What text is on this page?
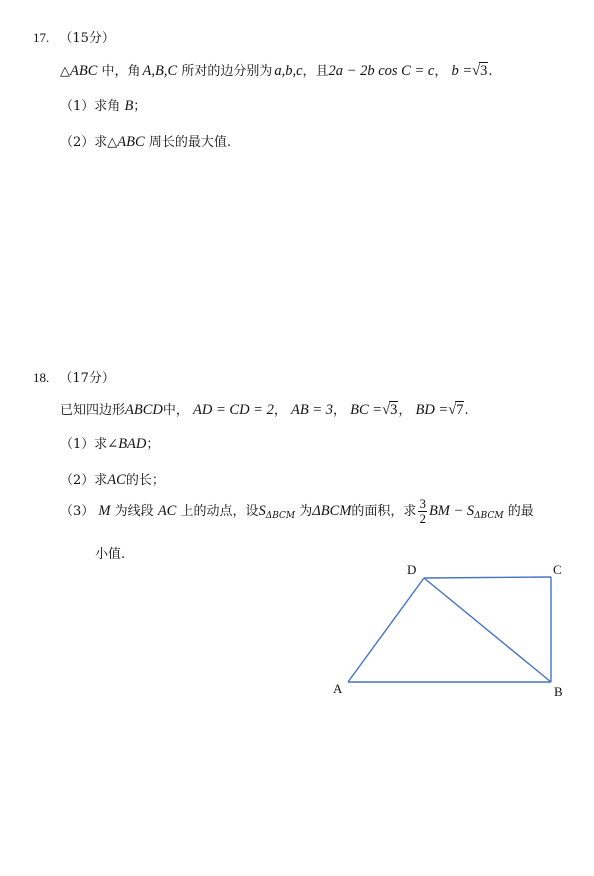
17. （15分）
△ABC 中，角 A,B,C 所对的边分别为 a,b,c，且2a − 2b cos C = c， b =√3.
（1）求角 B；
（2）求△ABC 周长的最大值.
18. （17分）
已知四边形ABCD中， AD = CD = 2， AB = 3， BC =√3， BD =√7.
（1）求∠BAD；
（2）求AC的长；
（3） M 为线段 AC 上的动点，设$S_{\Delta BCM}$ 为ΔBCM的面积，求 $\frac{3}{2}$ BM − $S_{\Delta BCM}$ 的最
小值.
D	C
A	B
